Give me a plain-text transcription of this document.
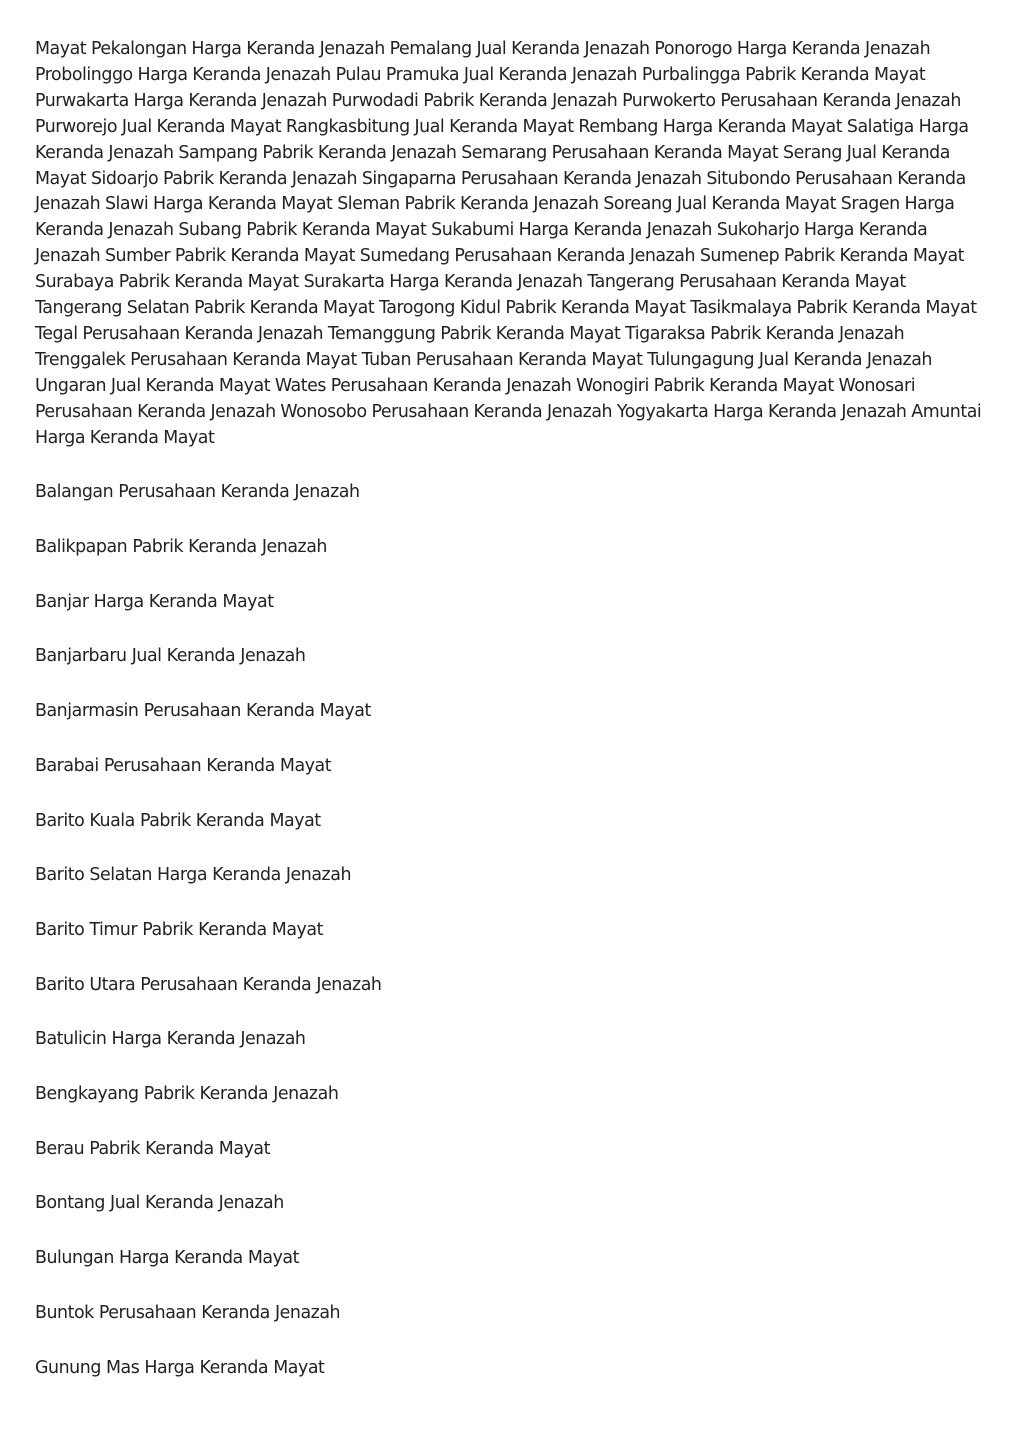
Mayat Pekalongan Harga Keranda Jenazah Pemalang Jual Keranda Jenazah Ponorogo Harga Keranda Jenazah Probolinggo Harga Keranda Jenazah Pulau Pramuka Jual Keranda Jenazah Purbalingga Pabrik Keranda Mayat Purwakarta Harga Keranda Jenazah Purwodadi Pabrik Keranda Jenazah Purwokerto Perusahaan Keranda Jenazah Purworejo Jual Keranda Mayat Rangkasbitung Jual Keranda Mayat Rembang Harga Keranda Mayat Salatiga Harga Keranda Jenazah Sampang Pabrik Keranda Jenazah Semarang Perusahaan Keranda Mayat Serang Jual Keranda Mayat Sidoarjo Pabrik Keranda Jenazah Singaparna Perusahaan Keranda Jenazah Situbondo Perusahaan Keranda Jenazah Slawi Harga Keranda Mayat Sleman Pabrik Keranda Jenazah Soreang Jual Keranda Mayat Sragen Harga Keranda Jenazah Subang Pabrik Keranda Mayat Sukabumi Harga Keranda Jenazah Sukoharjo Harga Keranda Jenazah Sumber Pabrik Keranda Mayat Sumedang Perusahaan Keranda Jenazah Sumenep Pabrik Keranda Mayat Surabaya Pabrik Keranda Mayat Surakarta Harga Keranda Jenazah Tangerang Perusahaan Keranda Mayat Tangerang Selatan Pabrik Keranda Mayat Tarogong Kidul Pabrik Keranda Mayat Tasikmalaya Pabrik Keranda Mayat Tegal Perusahaan Keranda Jenazah Temanggung Pabrik Keranda Mayat Tigaraksa Pabrik Keranda Jenazah Trenggalek Perusahaan Keranda Mayat Tuban Perusahaan Keranda Mayat Tulungagung Jual Keranda Jenazah Ungaran Jual Keranda Mayat Wates Perusahaan Keranda Jenazah Wonogiri Pabrik Keranda Mayat Wonosari Perusahaan Keranda Jenazah Wonosobo Perusahaan Keranda Jenazah Yogyakarta Harga Keranda Jenazah Amuntai Harga Keranda Mayat

Balangan Perusahaan Keranda Jenazah
Balikpapan Pabrik Keranda Jenazah
Banjar Harga Keranda Mayat
Banjarbaru Jual Keranda Jenazah
Banjarmasin Perusahaan Keranda Mayat
Barabai Perusahaan Keranda Mayat
Barito Kuala Pabrik Keranda Mayat
Barito Selatan Harga Keranda Jenazah
Barito Timur Pabrik Keranda Mayat
Barito Utara Perusahaan Keranda Jenazah
Batulicin Harga Keranda Jenazah
Bengkayang Pabrik Keranda Jenazah
Berau Pabrik Keranda Mayat
Bontang Jual Keranda Jenazah
Bulungan Harga Keranda Mayat
Buntok Perusahaan Keranda Jenazah
Gunung Mas Harga Keranda Mayat
